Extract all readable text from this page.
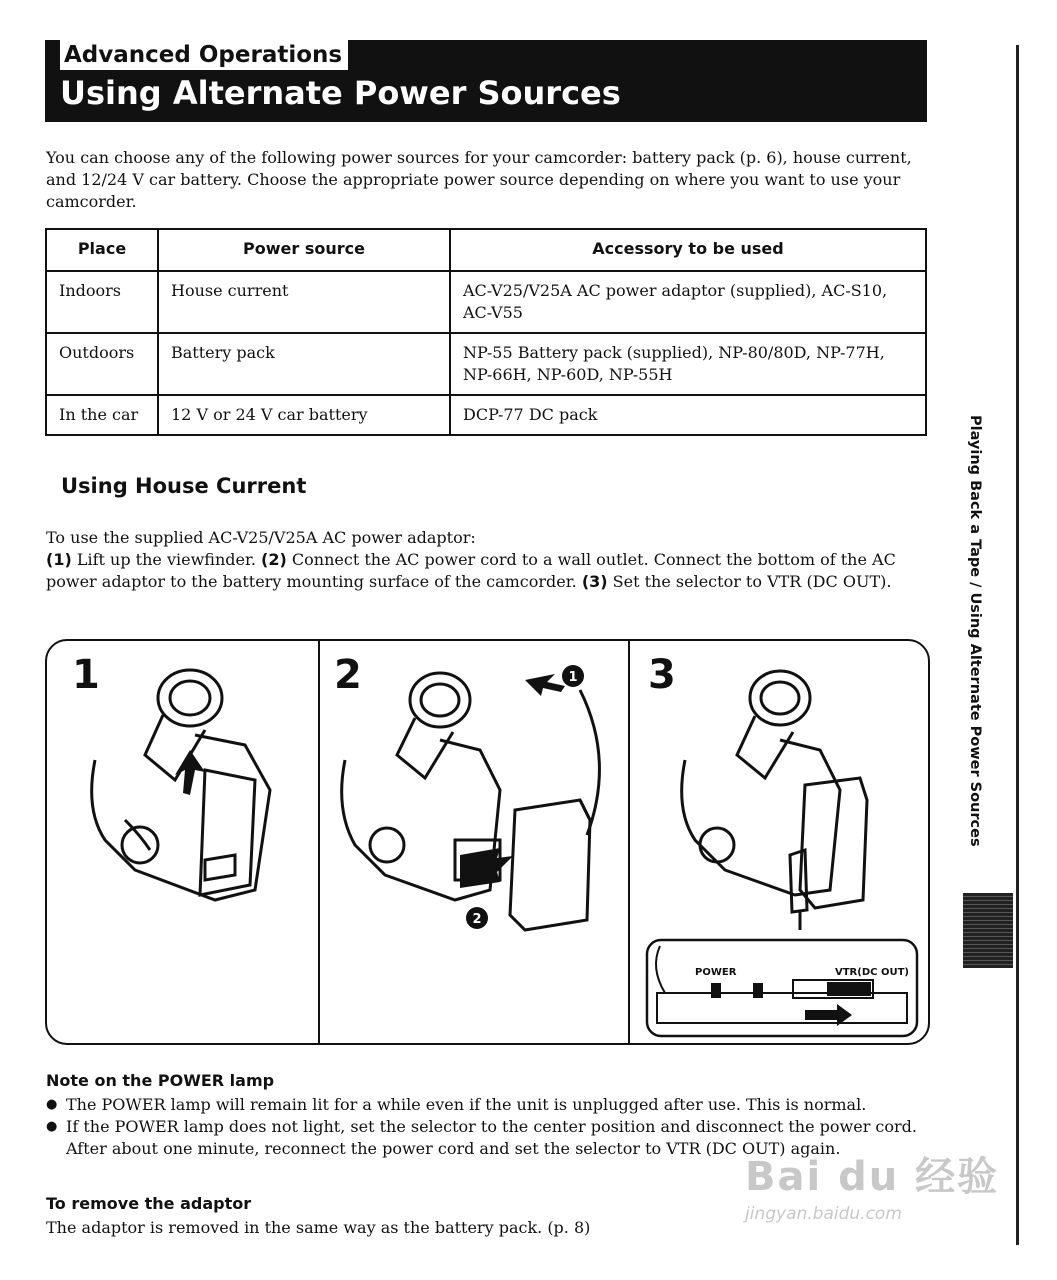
Advanced Operations
Using Alternate Power Sources
Playing Back a Tape / Using Alternate Power Sources

You can choose any of the following power sources for your camcorder: battery pack (p. 6), house current, and 12/24 V car battery. Choose the appropriate power source depending on where you want to use your camcorder.

Place	Power source	Accessory to be used
Indoors	House current	AC-V25/V25A AC power adaptor (supplied), AC-S10, AC-V55
Outdoors	Battery pack	NP-55 Battery pack (supplied), NP-80/80D, NP-77H, NP-66H, NP-60D, NP-55H
In the car	12 V or 24 V car battery	DCP-77 DC pack
Using House Current
To use the supplied AC-V25/V25A AC power adaptor:
(1) Lift up the viewfinder. (2) Connect the AC power cord to a wall outlet. Connect the bottom of the AC power adaptor to the battery mounting surface of the camcorder. (3) Set the selector to VTR (DC OUT).
1	2	3
1
2
POWER	VTR(DC OUT)
Note on the POWER lamp
● The POWER lamp will remain lit for a while even if the unit is unplugged after use. This is normal.
● If the POWER lamp does not light, set the selector to the center position and disconnect the power cord. After about one minute, reconnect the power cord and set the selector to VTR (DC OUT) again.
To remove the adaptor
The adaptor is removed in the same way as the battery pack. (p. 8)
Bai du 经验
jingyan.baidu.com
